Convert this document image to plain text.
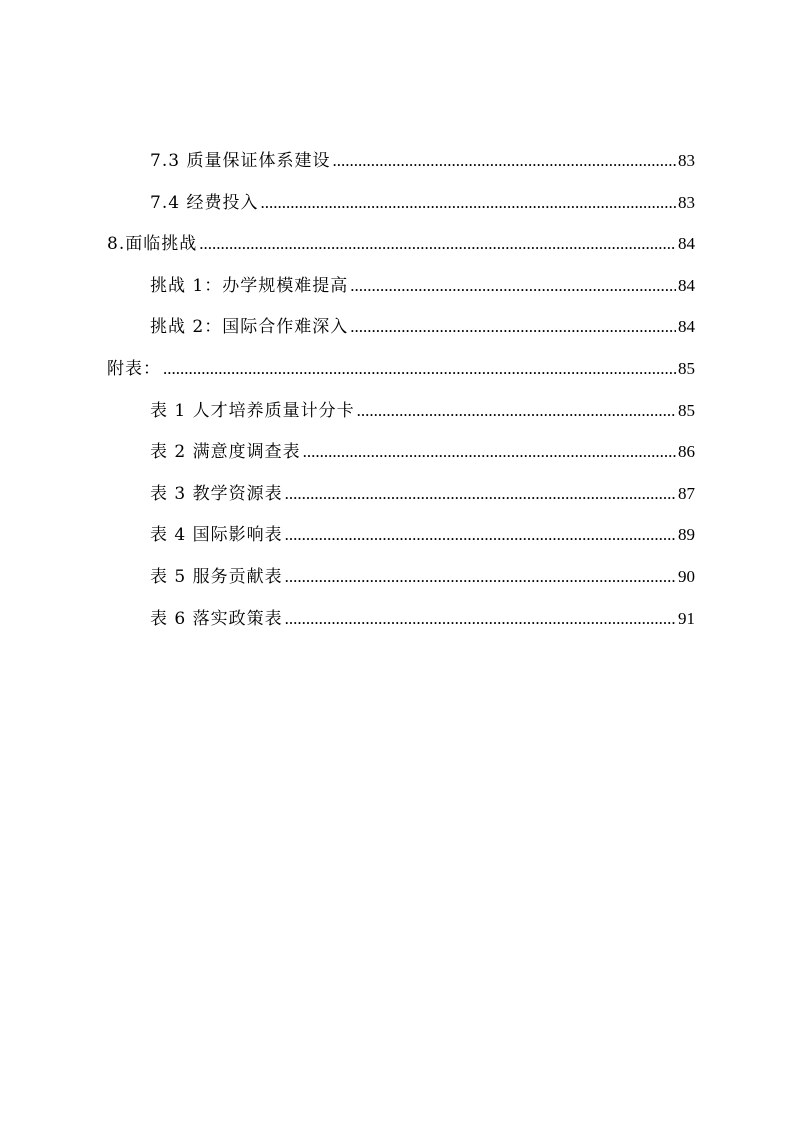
7.3 质量保证体系建设 .....	83
7.4 经费投入 .....	83
8.面临挑战 .....	84
挑战 1：办学规模难提高 .....	84
挑战 2：国际合作难深入 .....	84
附表： .....	85
表 1 人才培养质量计分卡 .....	85
表 2 满意度调查表 .....	86
表 3 教学资源表 .....	87
表 4 国际影响表 .....	89
表 5 服务贡献表 .....	90
表 6 落实政策表 .....	91
